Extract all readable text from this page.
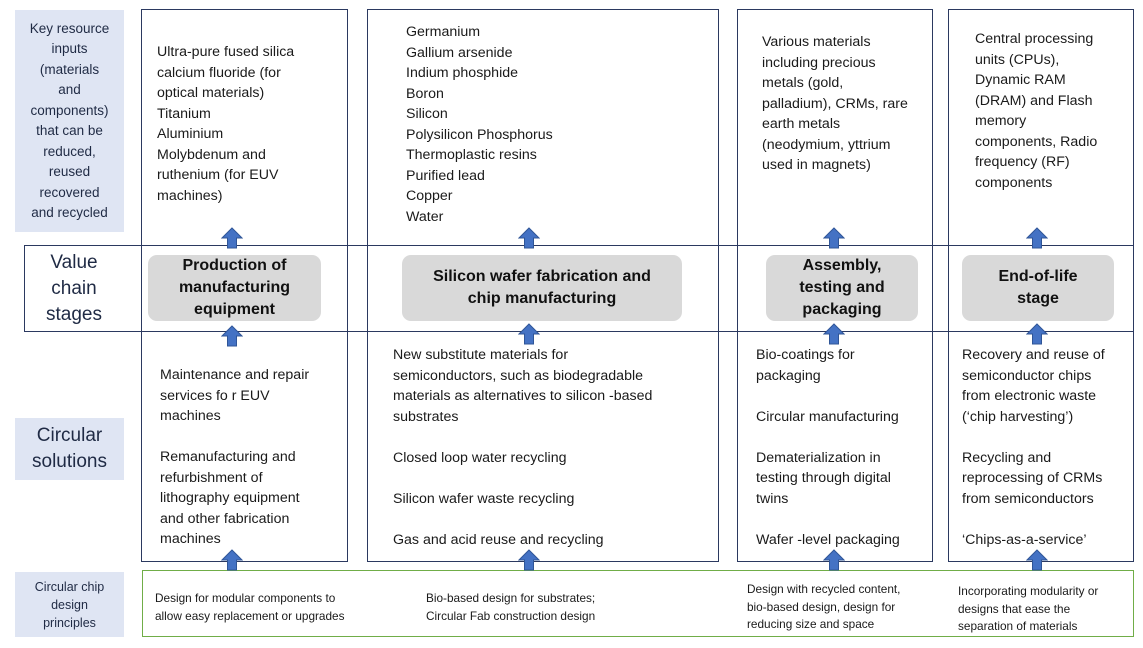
Key resource
inputs
(materials
and
components)
that can be
reduced,
reused
recovered
and recycled
Value
chain
stages
Circular
solutions
Circular chip
design
principles
Production of
manufacturing
equipment
Silicon wafer fabrication and
chip manufacturing
Assembly,
testing and
packaging
End-of-life
stage
Ultra-pure fused silica
calcium fluoride (for
optical materials)
Titanium
Aluminium
Molybdenum and
ruthenium (for EUV
machines)
Germanium
Gallium arsenide
Indium phosphide
Boron
Silicon
Polysilicon Phosphorus
Thermoplastic resins
Purified lead
Copper
Water
Various materials
including precious
metals (gold,
palladium), CRMs, rare
earth metals
(neodymium, yttrium
used in magnets)
Central processing
units (CPUs),
Dynamic RAM
(DRAM) and Flash
memory
components, Radio
frequency (RF)
components
Maintenance and repair
services fo r EUV
machines
Remanufacturing and
refurbishment of
lithography equipment
and other fabrication
machines
New substitute materials for
semiconductors, such as biodegradable
materials as alternatives to silicon -based
substrates
Closed loop water recycling
Silicon wafer waste recycling
Gas and acid reuse and recycling
Bio-coatings for
packaging
Circular manufacturing
Dematerialization in
testing through digital
twins
Wafer -level packaging
Recovery and reuse of
semiconductor chips
from electronic waste
(‘chip harvesting’)
Recycling and
reprocessing of CRMs
from semiconductors
‘Chips-as-a-service’
Design for modular components to
allow easy replacement or upgrades
Bio-based design for substrates;
Circular Fab construction design
Design with recycled content,
bio-based design, design for
reducing size and space
Incorporating modularity or
designs that ease the
separation of materials
